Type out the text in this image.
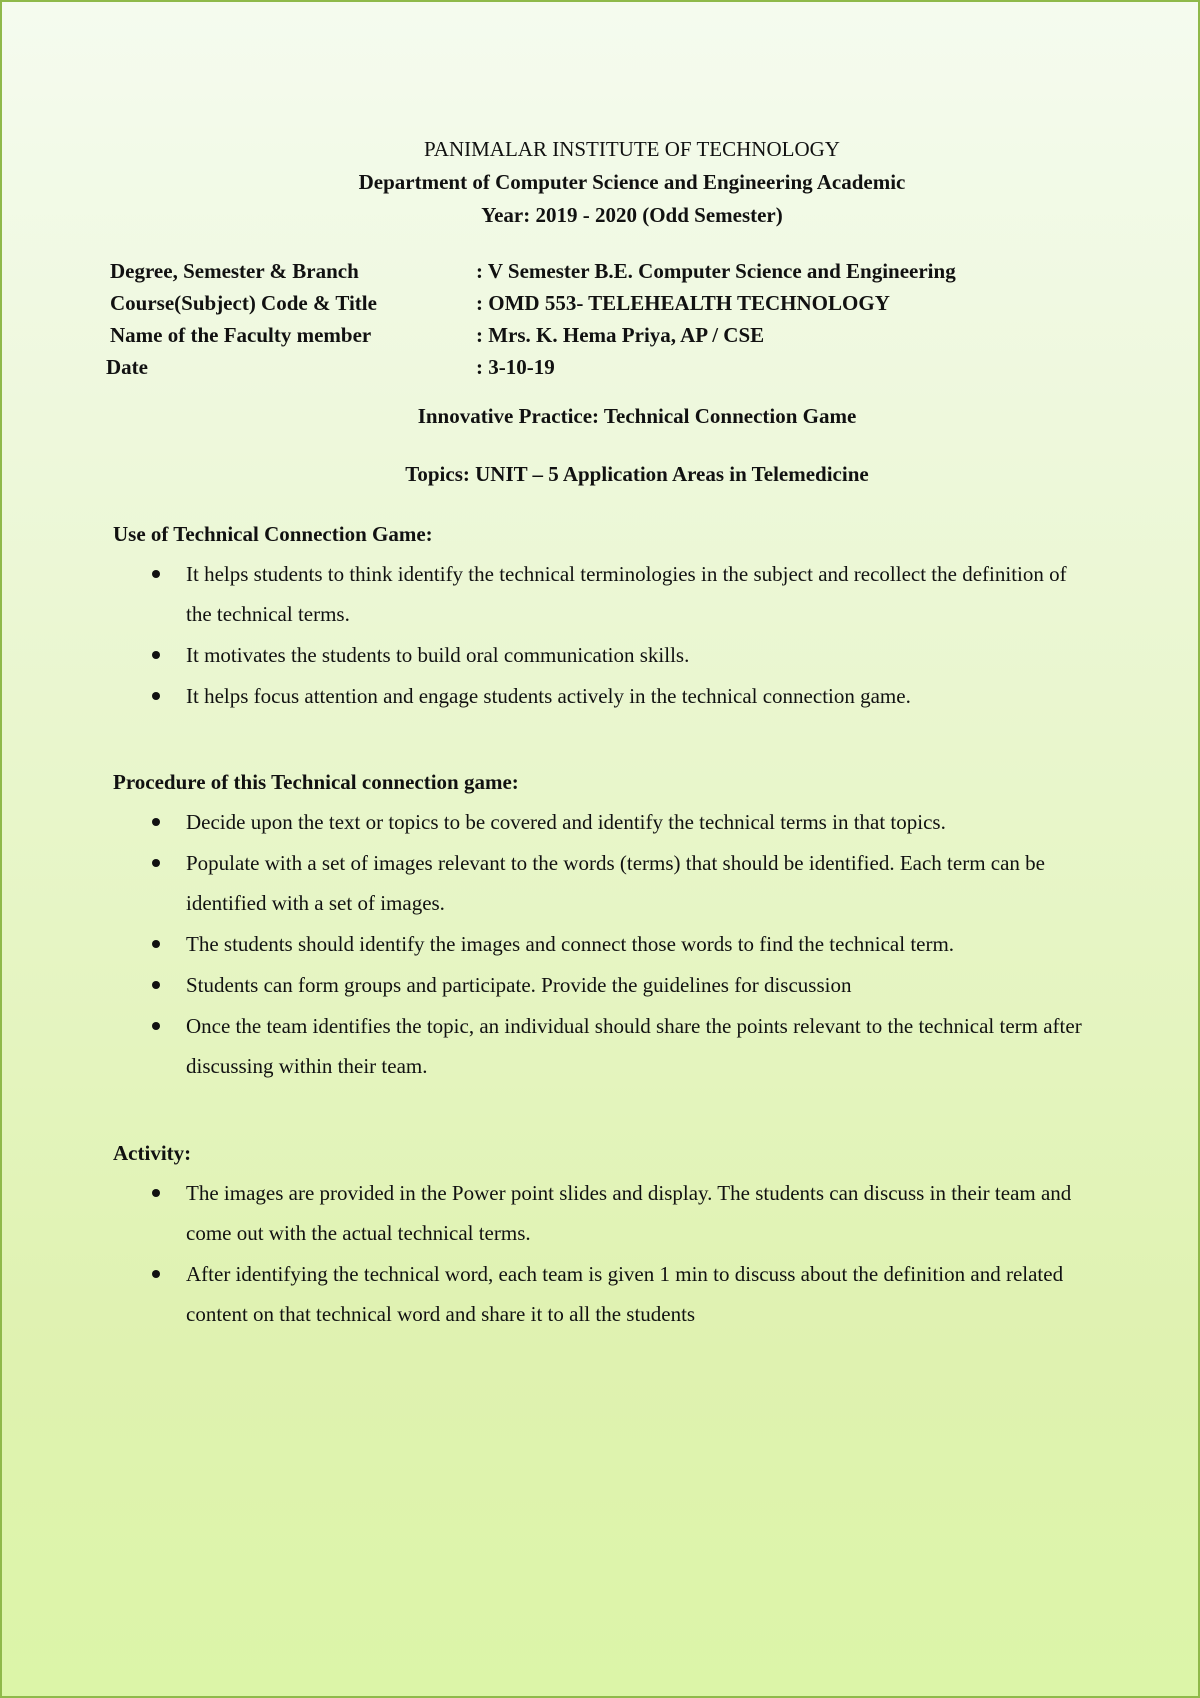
PANIMALAR INSTITUTE OF TECHNOLOGY
Department of Computer Science and Engineering Academic
Year: 2019 - 2020 (Odd Semester)
Degree, Semester & Branch	: V Semester B.E. Computer Science and Engineering
Course(Subject) Code & Title	: OMD 553- TELEHEALTH TECHNOLOGY
Name of the Faculty member	: Mrs. K. Hema Priya, AP / CSE
Date	: 3-10-19
Innovative Practice: Technical Connection Game
Topics: UNIT – 5 Application Areas in Telemedicine
Use of Technical Connection Game:
It helps students to think identify the technical terminologies in the subject and recollect the definition of the technical terms.
It motivates the students to build oral communication skills.
It helps focus attention and engage students actively in the technical connection game.
Procedure of this Technical connection game:
Decide upon the text or topics to be covered and identify the technical terms in that topics.
Populate with a set of images relevant to the words (terms) that should be identified. Each term can be identified with a set of images.
The students should identify the images and connect those words to find the technical term.
Students can form groups and participate. Provide the guidelines for discussion
Once the team identifies the topic, an individual should share the points relevant to the technical term after discussing within their team.
Activity:
The images are provided in the Power point slides and display. The students can discuss in their team and come out with the actual technical terms.
After identifying the technical word, each team is given 1 min to discuss about the definition and related content on that technical word and share it to all the students
